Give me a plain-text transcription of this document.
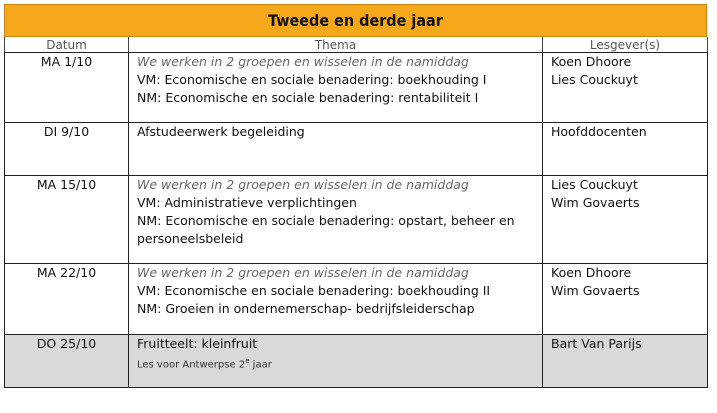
Tweede en derde jaar
Datum	Thema	Lesgever(s)
MA 1/10	We werken in 2 groepen en wisselen in de namiddag
VM: Economische en sociale benadering: boekhouding I
NM: Economische en sociale benadering: rentabiliteit I	Koen Dhoore
Lies Couckuyt

DI 9/10	Afstudeerwerk begeleiding	Hoofddocenten

MA 15/10	We werken in 2 groepen en wisselen in de namiddag
VM: Administratieve verplichtingen
NM: Economische en sociale benadering: opstart, beheer en personeelsbeleid	Lies Couckuyt
Wim Govaerts

MA 22/10	We werken in 2 groepen en wisselen in de namiddag
VM: Economische en sociale benadering: boekhouding II
NM: Groeien in ondernemerschap- bedrijfsleiderschap	Koen Dhoore
Wim Govaerts

DO 25/10	Fruitteelt: kleinfruit
Les voor Antwerpse 2e jaar	Bart Van Parijs
